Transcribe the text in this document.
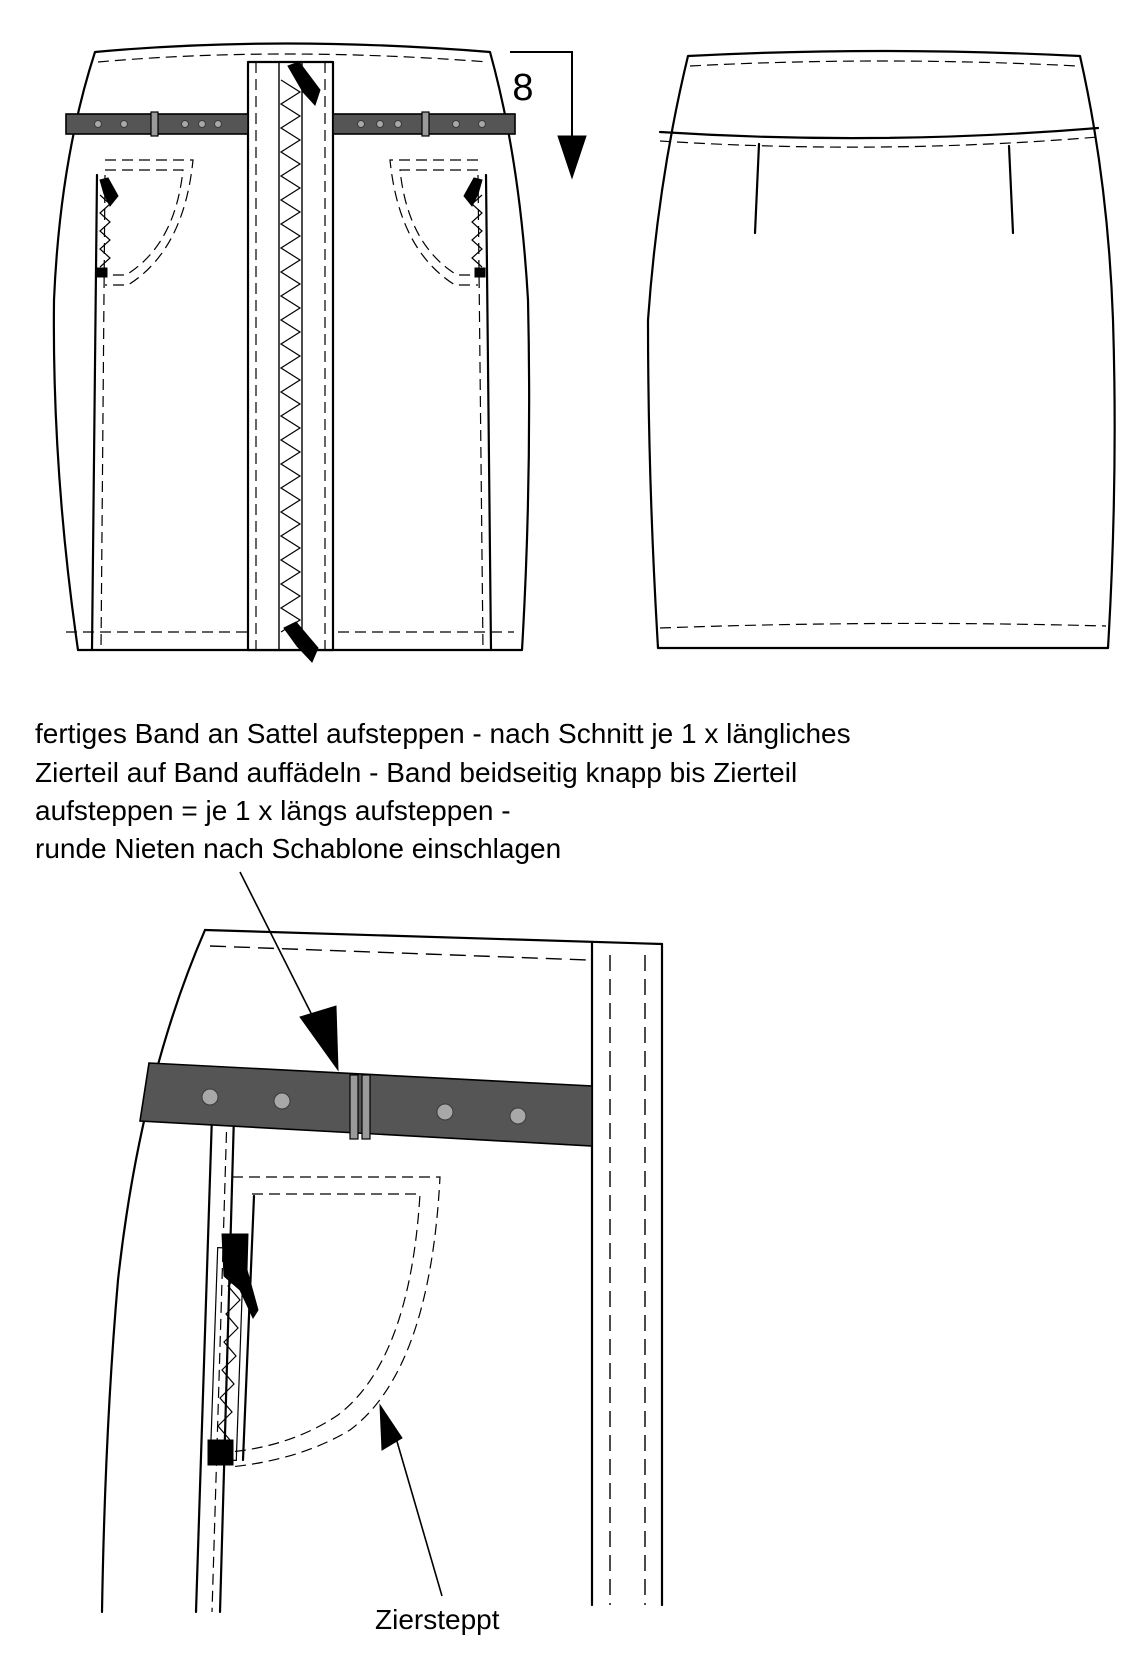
8
fertiges Band an Sattel aufsteppen - nach Schnitt je 1 x längliches
Zierteil auf Band auffädeln - Band beidseitig knapp bis Zierteil
aufsteppen = je 1 x längs aufsteppen -
runde Nieten nach Schablone einschlagen
Ziersteppt
